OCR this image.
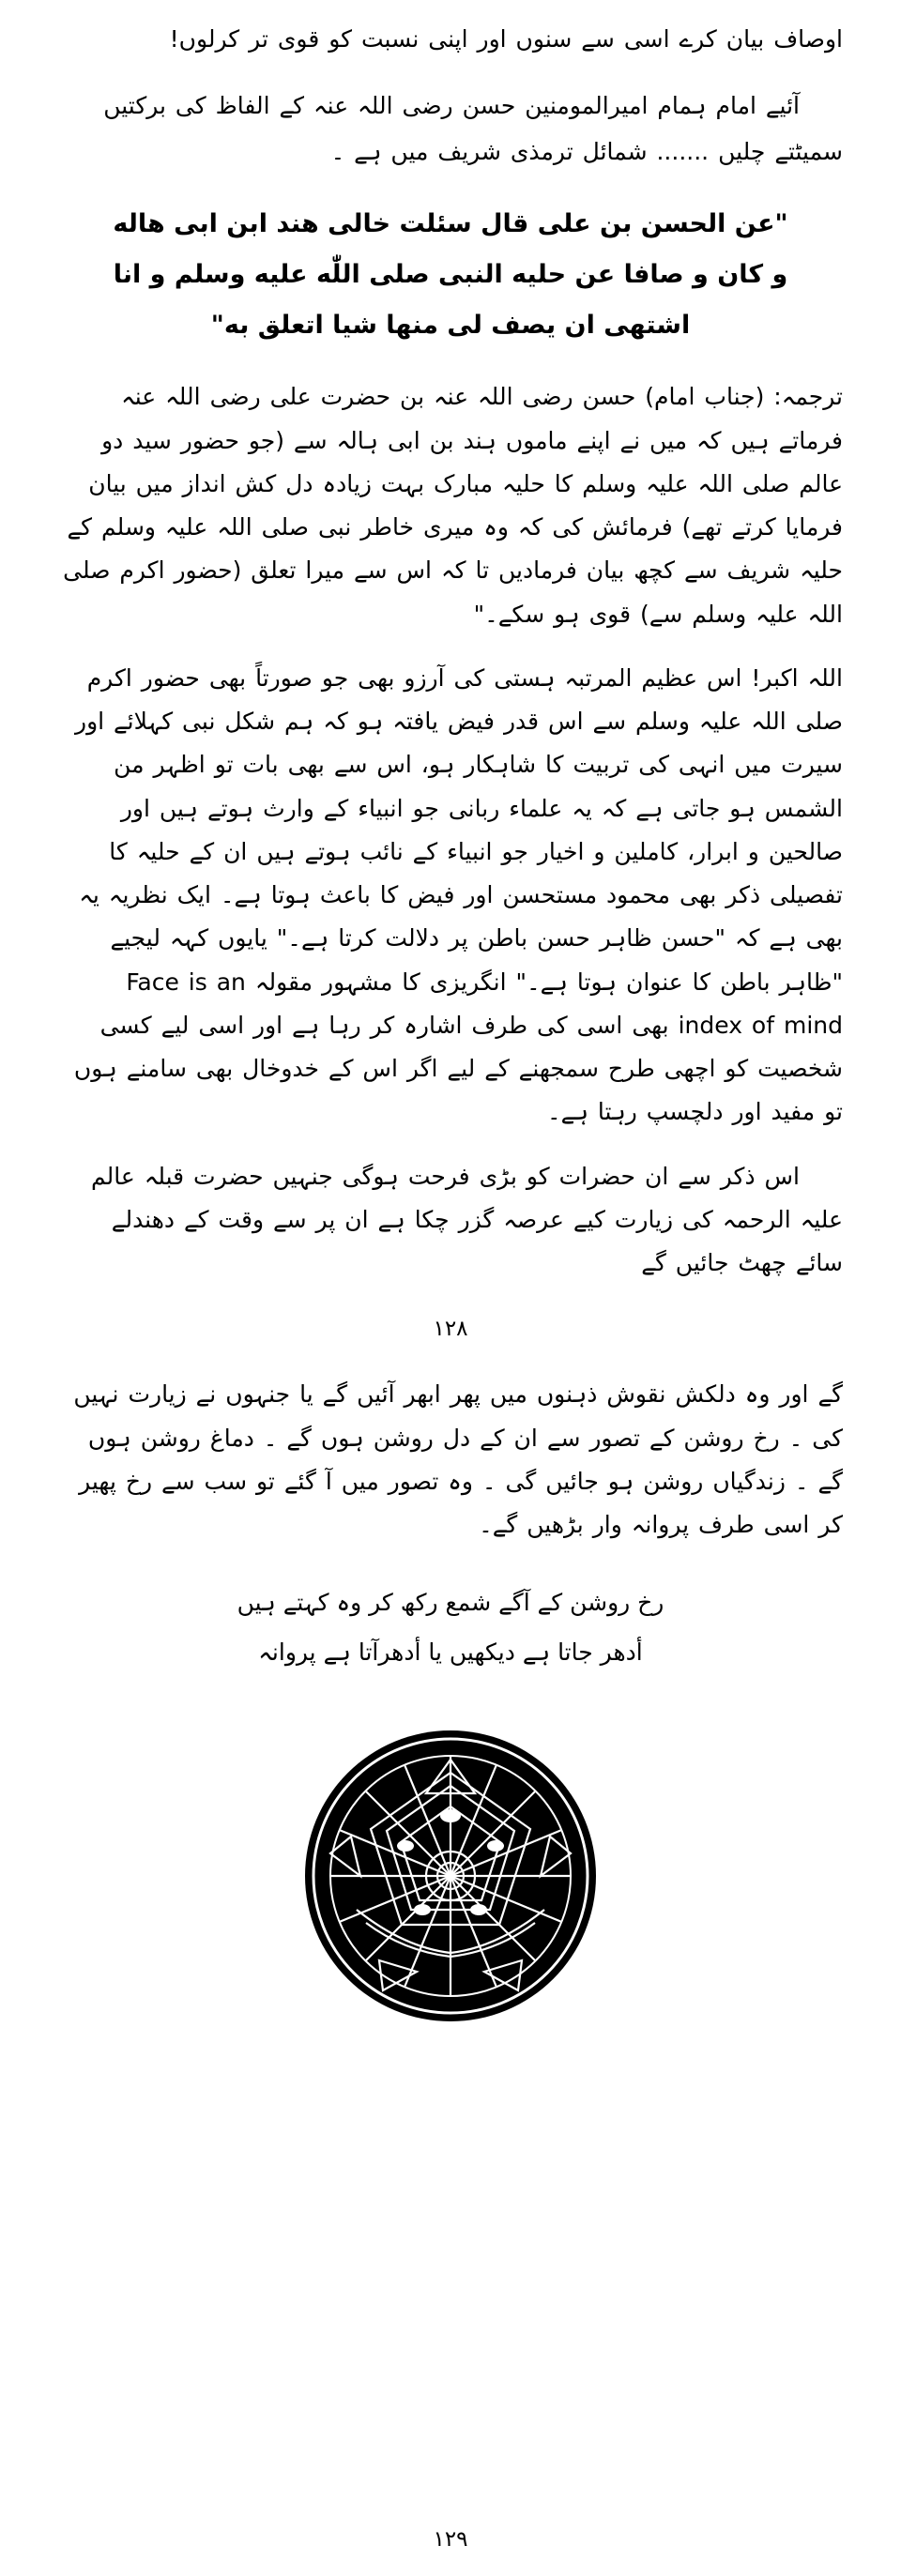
اوصاف بیان کرے اسی سے سنوں اور اپنی نسبت کو قوی تر کرلوں!

آئیے امام ہمام امیرالمومنین حسن رضی اللہ عنہ کے الفاظ کی برکتیں سمیٹتے چلیں ....... شمائل ترمذی شریف میں ہے ۔

"عن الحسن بن علی قال سئلت خالی هند ابن ابی هاله
و کان و صافا عن حلیه النبی صلی اللّٰه علیه وسلم و انا
اشتهی ان یصف لی منها شیا اتعلق به"

ترجمہ: (جناب امام) حسن رضی اللہ عنہ بن حضرت علی رضی اللہ عنہ فرماتے ہیں کہ میں نے اپنے ماموں ہند بن ابی ہالہ سے (جو حضور سید دو عالم صلی اللہ علیہ وسلم کا حلیہ مبارک بہت زیادہ دل کش انداز میں بیان فرمایا کرتے تھے) فرمائش کی کہ وہ میری خاطر نبی صلی اللہ علیہ وسلم کے حلیہ شریف سے کچھ بیان فرمادیں تا کہ اس سے میرا تعلق (حضور اکرم صلی اللہ علیہ وسلم سے) قوی ہو سکے۔"

اللہ اکبر! اس عظیم المرتبہ ہستی کی آرزو بھی جو صورتاً بھی حضور اکرم صلی اللہ علیہ وسلم سے اس قدر فیض یافتہ ہو کہ ہم شکل نبی کہلائے اور سیرت میں انہی کی تربیت کا شاہکار ہو، اس سے بھی بات تو اظہر من الشمس ہو جاتی ہے کہ یہ علماء ربانی جو انبیاء کے وارث ہوتے ہیں اور صالحین و ابرار، کاملین و اخیار جو انبیاء کے نائب ہوتے ہیں ان کے حلیہ کا تفصیلی ذکر بھی محمود مستحسن اور فیض کا باعث ہوتا ہے۔ ایک نظریہ یہ بھی ہے کہ "حسن ظاہر حسن باطن پر دلالت کرتا ہے۔" یایوں کہہ لیجیے "ظاہر باطن کا عنوان ہوتا ہے۔" انگریزی کا مشہور مقولہ Face is an index of mind بھی اسی کی طرف اشارہ کر رہا ہے اور اسی لیے کسی شخصیت کو اچھی طرح سمجھنے کے لیے اگر اس کے خدوخال بھی سامنے ہوں تو مفید اور دلچسپ رہتا ہے۔

اس ذکر سے ان حضرات کو بڑی فرحت ہوگی جنہیں حضرت قبلہ عالم علیہ الرحمہ کی زیارت کیے عرصہ گزر چکا ہے ان پر سے وقت کے دھندلے سائے چھٹ جائیں گے

۱۲۸

گے اور وہ دلکش نقوش ذہنوں میں پھر ابھر آئیں گے یا جنہوں نے زیارت نہیں کی ۔ رخ روشن کے تصور سے ان کے دل روشن ہوں گے ۔ دماغ روشن ہوں گے ۔ زندگیاں روشن ہو جائیں گی ۔ وہ تصور میں آ گئے تو سب سے رخ پھیر کر اسی طرف پروانہ وار بڑھیں گے۔

رخ روشن کے آگے شمع رکھ کر وہ کہتے ہیں
أدھر جاتا ہے دیکھیں یا أدھرآتا ہے پروانہ
۱۲۹
